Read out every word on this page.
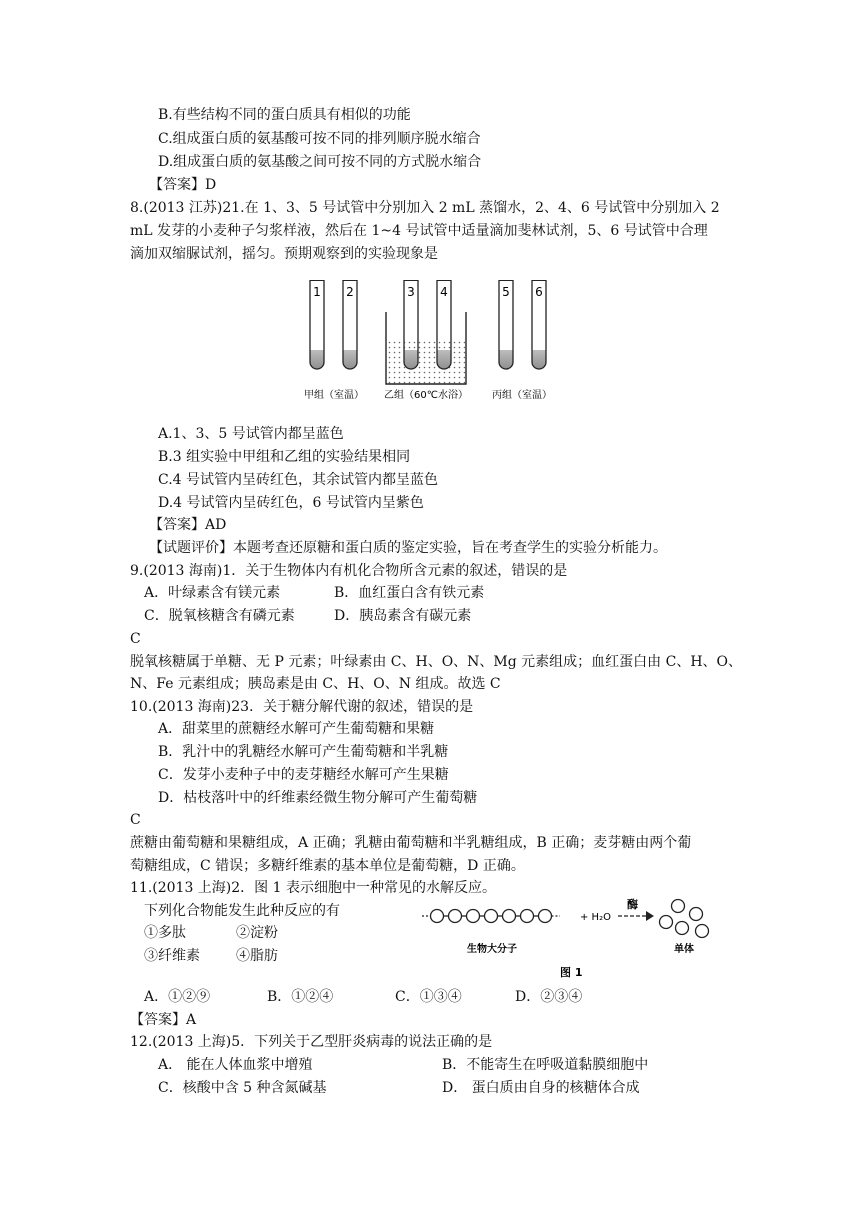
B.有些结构不同的蛋白质具有相似的功能
C.组成蛋白质的氨基酸可按不同的排列顺序脱水缩合
D.组成蛋白质的氨基酸之间可按不同的方式脱水缩合
【答案】D
8.(2013 江苏)21.在 1、3、5 号试管中分别加入 2 mL 蒸馏水，2、4、6 号试管中分别加入 2
mL 发芽的小麦种子匀浆样液，然后在 1~4 号试管中适量滴加斐林试剂，5、6 号试管中合理
滴加双缩脲试剂，摇匀。预期观察到的实验现象是
1 2	3 4	5 6
甲组（室温） 乙组（60℃水浴） 丙组（室温）
A.1、3、5 号试管内都呈蓝色
B.3 组实验中甲组和乙组的实验结果相同
C.4 号试管内呈砖红色，其余试管内都呈蓝色
D.4 号试管内呈砖红色，6 号试管内呈紫色
【答案】AD
【试题评价】本题考查还原糖和蛋白质的鉴定实验，旨在考查学生的实验分析能力。
9.(2013 海南)1．关于生物体内有机化合物所含元素的叙述，错误的是
A．叶绿素含有镁元素	B．血红蛋白含有铁元素
C．脱氧核糖含有磷元素	D．胰岛素含有碳元素
C
脱氧核糖属于单糖、无 P 元素；叶绿素由 C、H、O、N、Mg 元素组成；血红蛋白由 C、H、O、
N、Fe 元素组成；胰岛素是由 C、H、O、N 组成。故选 C
10.(2013 海南)23．关于糖分解代谢的叙述，错误的是
A．甜菜里的蔗糖经水解可产生葡萄糖和果糖
B．乳汁中的乳糖经水解可产生葡萄糖和半乳糖
C．发芽小麦种子中的麦芽糖经水解可产生果糖
D．枯枝落叶中的纤维素经微生物分解可产生葡萄糖
C
蔗糖由葡萄糖和果糖组成，A 正确；乳糖由葡萄糖和半乳糖组成，B 正确；麦芽糖由两个葡
萄糖组成，C 错误；多糖纤维素的基本单位是葡萄糖，D 正确。
11.(2013 上海)2．图 1 表示细胞中一种常见的水解反应。
下列化合物能发生此种反应的有
①多肽	②淀粉
③纤维素	④脂肪
+ H₂O
酶
生物大分子	单体
图 1
A．①②⑨	B．①②④	C．①③④	D．②③④
【答案】A
12.(2013 上海)5．下列关于乙型肝炎病毒的说法正确的是
A． 能在人体血浆中增殖	B．不能寄生在呼吸道黏膜细胞中
C．核酸中含 5 种含氮碱基	D． 蛋白质由自身的核糖体合成
